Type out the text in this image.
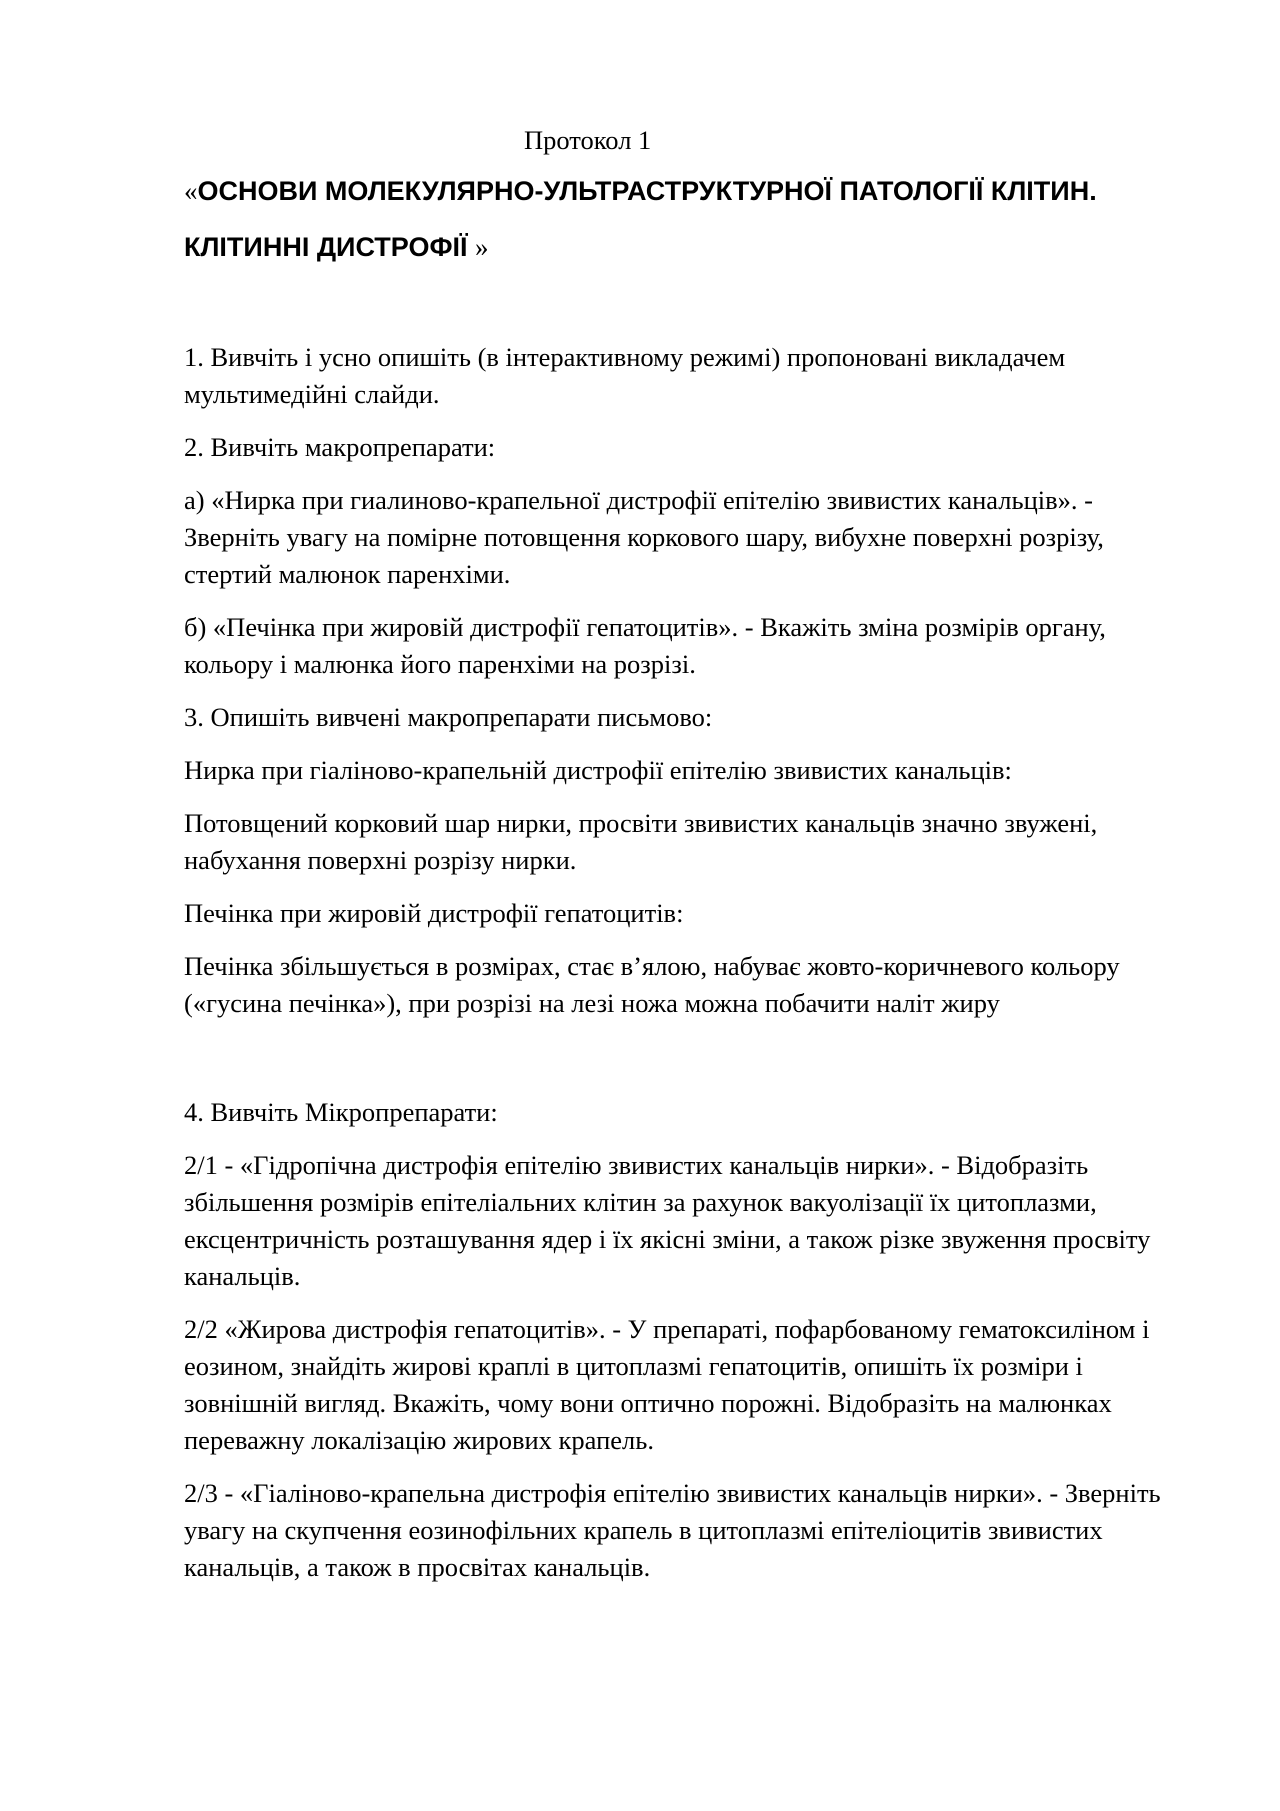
Протокол 1
«ОСНОВИ МОЛЕКУЛЯРНО-УЛЬТРАСТРУКТУРНОЇ ПАТОЛОГІЇ КЛІТИН.
КЛІТИННІ ДИСТРОФІЇ »

1. Вивчіть і усно опишіть (в інтерактивному режимі) пропоновані викладачем мультимедійні слайди.

2. Вивчіть макропрепарати:

а) «Нирка при гиалиново-крапельної дистрофії епітелію звивистих канальців». - Зверніть увагу на помірне потовщення коркового шару, вибухне поверхні розрізу, стертий малюнок паренхіми.

б) «Печінка при жировій дистрофії гепатоцитів». - Вкажіть зміна розмірів органу, кольору і малюнка його паренхіми на розрізі.

3. Опишіть вивчені макропрепарати письмово:

Нирка при гіаліново-крапельній дистрофії епітелію звивистих канальців:

Потовщений корковий шар нирки, просвіти звивистих канальців значно звужені, набухання поверхні розрізу нирки.

Печінка при жировій дистрофії гепатоцитів:

Печінка збільшується в розмірах, стає в’ялою, набуває жовто-коричневого кольору («гусина печінка»), при розрізі на лезі ножа можна побачити наліт жиру

4. Вивчіть Мікропрепарати:

2/1 - «Гідропічна дистрофія епітелію звивистих канальців нирки». - Відобразіть збільшення розмірів епітеліальних клітин за рахунок вакуолізації їх цитоплазми, ексцентричність розташування ядер і їх якісні зміни, а також різке звуження просвіту канальців.

2/2 «Жирова дистрофія гепатоцитів». - У препараті, пофарбованому гематоксиліном і еозином, знайдіть жирові краплі в цитоплазмі гепатоцитів, опишіть їх розміри і зовнішній вигляд. Вкажіть, чому вони оптично порожні. Відобразіть на малюнках переважну локалізацію жирових крапель.

2/3 - «Гіаліново-крапельна дистрофія епітелію звивистих канальців нирки». - Зверніть увагу на скупчення еозинофільних крапель в цитоплазмі епітеліоцитів звивистих канальців, а також в просвітах канальців.
